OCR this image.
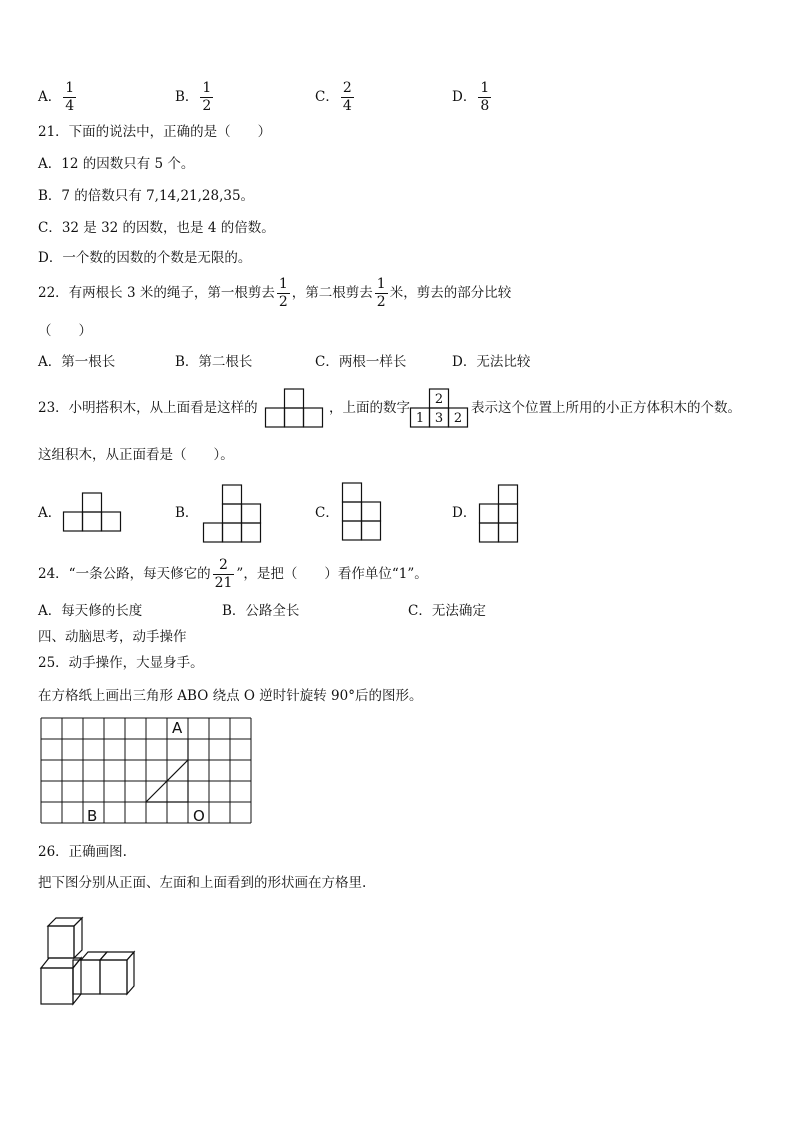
A． $\frac{1}{4}$	B． $\frac{1}{2}$	C． $\frac{2}{4}$	D． $\frac{1}{8}$
21．下面的说法中，正确的是（　　）
A．12 的因数只有 5 个。
B．7 的倍数只有 7,14,21,28,35。
C．32 是 32 的因数，也是 4 的倍数。
D．一个数的因数的个数是无限的。
22．有两根长 3 米的绳子，第一根剪去 $\frac{1}{2}$ ，第二根剪去 $\frac{1}{2}$ 米，剪去的部分比较
（　　）
A．第一根长	B．第二根长	C．两根一样长	D．无法比较
23．小明搭积木，从上面看是这样的	，上面的数字
2
1 3 2
表示这个位置上所用的小正方体积木的个数。
这组积木，从正面看是（　　）。
A．	B．	C．	D．
24．“一条公路，每天修它的 $\frac{2}{21}$ ”，是把（　　）看作单位“1”。
A．每天修的长度	B．公路全长	C．无法确定
四、动脑思考，动手操作
25．动手操作，大显身手。
在方格纸上画出三角形 ABO 绕点 O 逆时针旋转 90°后的图形。
A
B	O
26．正确画图.
把下图分别从正面、左面和上面看到的形状画在方格里.
